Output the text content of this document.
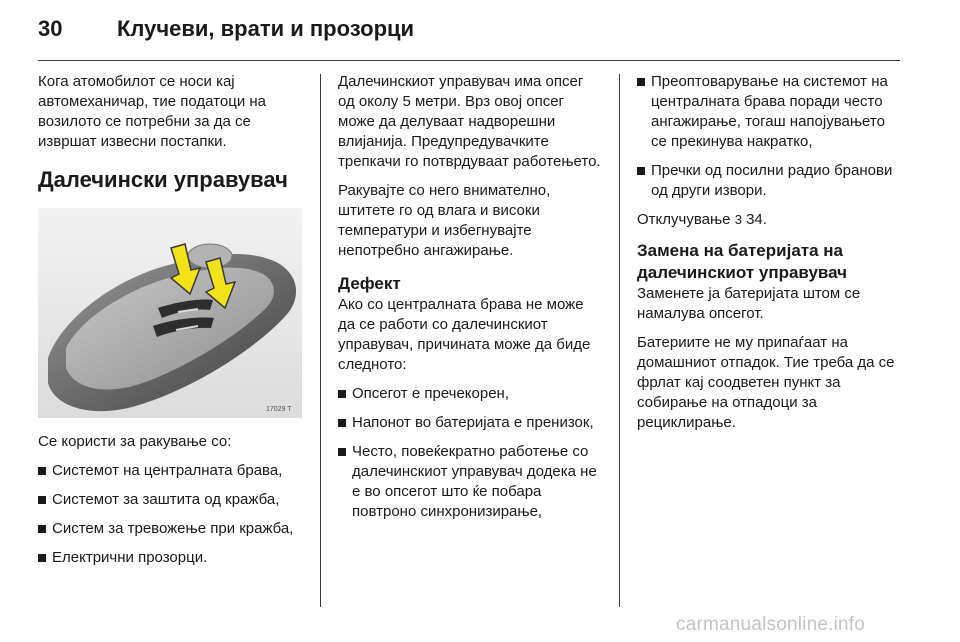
30 Клучеви, врати и прозорци

Кога атомобилот се носи кај автомеханичар, тие податоци на возилото се потребни за да се извршат извесни постапки.

Далечински управувач
17029 T

Се користи за ракување со:

Системот на централната брава,
Системот за заштита од кражба,
Систем за тревожење при кражба,
Електрични прозорци.

Далечинскиот управувач има опсег од околу 5 метри. Врз овој опсег може да делуваат надворешни влијанија. Предупредувачките трепкачи го потврдуваат работењето.

Ракувајте со него внимателно, штитете го од влага и високи температури и избегнувајте непотребно ангажирање.

Дефект

Ако со централната брава не може да се работи со далечинскиот управувач, причината може да биде следното:

Опсегот е пречекорен,
Напонот во батеријата е пренизок,
Често, повеќекратно работење со далечинскиот управувач додека не е во опсегот што ќе побара повтроно синхронизирање,
Преоптоварување на системот на централната брава поради често ангажирање, тогаш напојувањето се прекинува накратко,
Пречки од посилни радио бранови од други извори.

Отклучување 3 34.

Замена на батеријата на далечинскиот управувач

Заменете ја батеријата штом се намалува опсегот.

Батериите не му припаѓаат на домашниот отпадок. Тие треба да се фрлат кај соодветен пункт за собирање на отпадоци за рециклирање.

carmanualsonline.info
